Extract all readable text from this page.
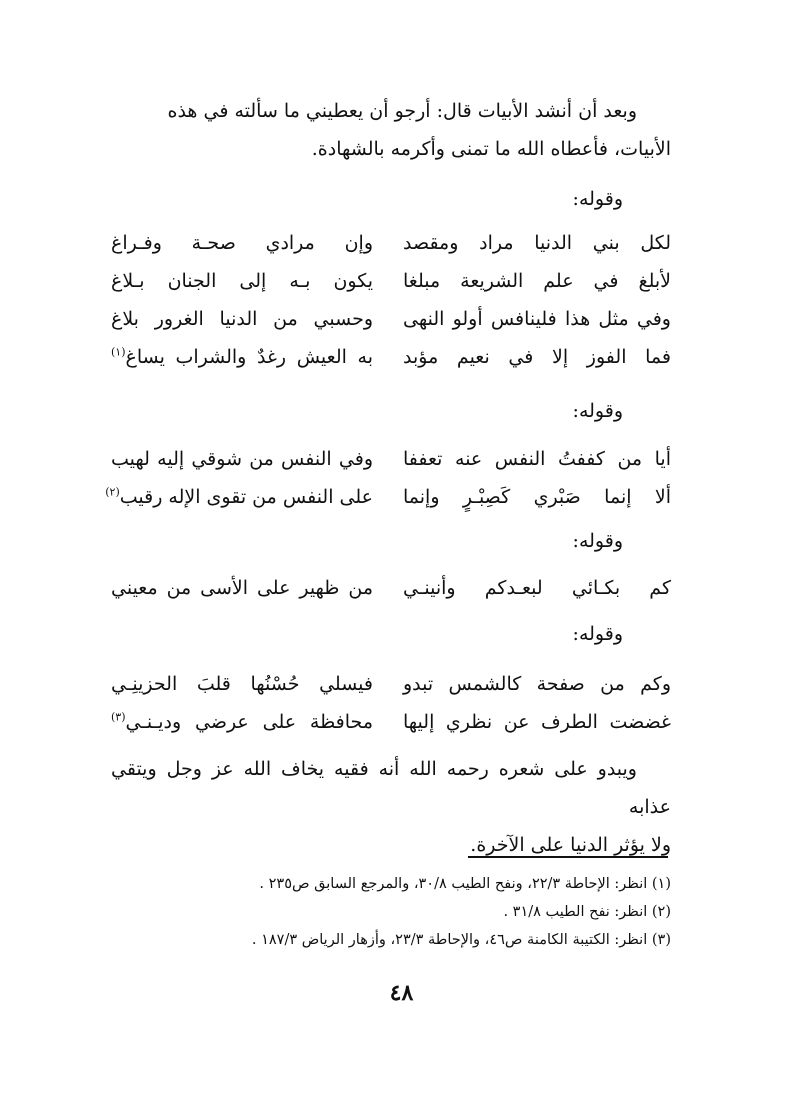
وبعد أن أنشد الأبيات قال: أرجو أن يعطيني ما سألته في هذه

الأبيات، فأعطاه الله ما تمنى وأكرمه بالشهادة.

وقوله:
لكل بني الدنيا مراد ومقصد
وإن مرادي صحـة وفـراغ
لأبلغ في علم الشريعة مبلغا
يكون بـه إلى الجنان بـلاغ
وفي مثل هذا فلينافس أولو النهى
وحسبي من الدنيا الغرور بلاغ
فما الفوز إلا في نعيم مؤبد
به العيش رغدٌ والشراب يساغ$^{(١)}$
وقوله:
أيا من كففتُ النفس عنه تعففا
وفي النفس من شوقي إليه لهيب
ألا إنما صَبْري كَصِبْـرٍ وإنما
على النفس من تقوى الإله رقيب$^{(٢)}$
وقوله:
كم بكـائي لبعـدكم وأنينـي
من ظهير على الأسى من معيني
وقوله:
وكم من صفحة كالشمس تبدو
فيسلي حُسْنُها قلبَ الحزينِـي
غضضت الطرف عن نظري إليها
محافظة على عرضي وديـنـي$^{(٣)}$

ويبدو على شعره رحمه الله أنه فقيه يخاف الله عز وجل ويتقي عذابه

ولا يؤثر الدنيا على الآخرة.

(١) انظر: الإحاطة ٢٢/٣، ونفح الطيب ٣٠/٨، والمرجع السابق ص٢٣٥ .
(٢) انظر: نفح الطيب ٣١/٨ .
(٣) انظر: الكتيبة الكامنة ص٤٦، والإحاطة ٢٣/٣، وأزهار الرياض ١٨٧/٣ .
٤٨
